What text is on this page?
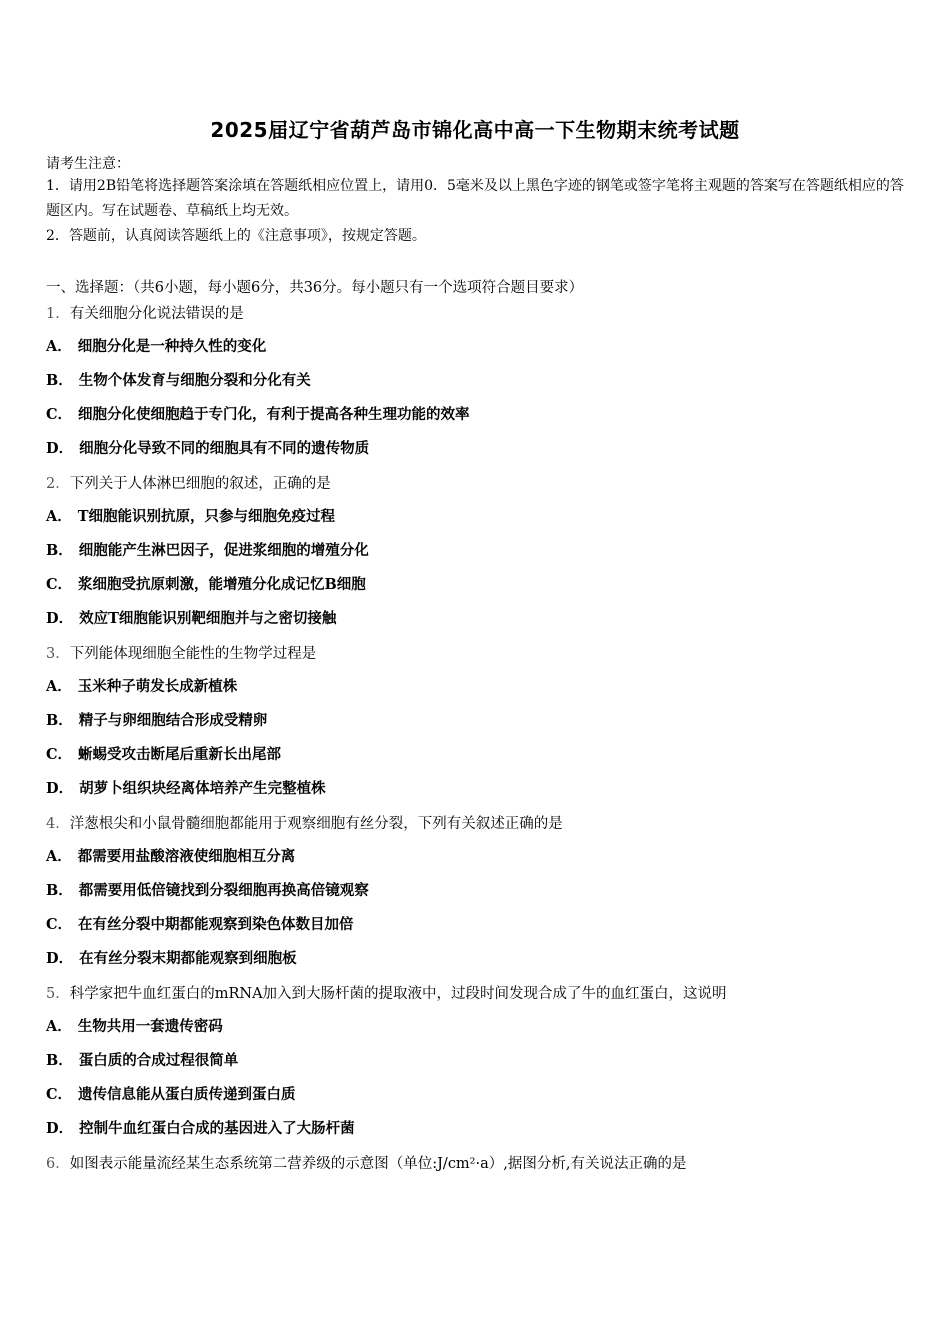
2025届辽宁省葫芦岛市锦化高中高一下生物期末统考试题
请考生注意：
1．请用2B铅笔将选择题答案涂填在答题纸相应位置上，请用0．5毫米及以上黑色字迹的钢笔或签字笔将主观题的答案写在答题纸相应的答题区内。写在试题卷、草稿纸上均无效。
2．答题前，认真阅读答题纸上的《注意事项》，按规定答题。
一、选择题：（共6小题，每小题6分，共36分。每小题只有一个选项符合题目要求）
1．有关细胞分化说法错误的是
A． 细胞分化是一种持久性的变化
B． 生物个体发育与细胞分裂和分化有关
C． 细胞分化使细胞趋于专门化，有利于提高各种生理功能的效率
D． 细胞分化导致不同的细胞具有不同的遗传物质
2．下列关于人体淋巴细胞的叙述，正确的是
A． T细胞能识别抗原，只参与细胞免疫过程
B． 细胞能产生淋巴因子，促进浆细胞的增殖分化
C． 浆细胞受抗原刺激，能增殖分化成记忆B细胞
D． 效应T细胞能识别靶细胞并与之密切接触
3．下列能体现细胞全能性的生物学过程是
A． 玉米种子萌发长成新植株
B． 精子与卵细胞结合形成受精卵
C． 蜥蜴受攻击断尾后重新长出尾部
D． 胡萝卜组织块经离体培养产生完整植株
4．洋葱根尖和小鼠骨髓细胞都能用于观察细胞有丝分裂，下列有关叙述正确的是
A． 都需要用盐酸溶液使细胞相互分离
B． 都需要用低倍镜找到分裂细胞再换高倍镜观察
C． 在有丝分裂中期都能观察到染色体数目加倍
D． 在有丝分裂末期都能观察到细胞板
5．科学家把牛血红蛋白的mRNA加入到大肠杆菌的提取液中，过段时间发现合成了牛的血红蛋白，这说明
A． 生物共用一套遗传密码
B． 蛋白质的合成过程很简单
C． 遗传信息能从蛋白质传递到蛋白质
D． 控制牛血红蛋白合成的基因进入了大肠杆菌
6．如图表示能量流经某生态系统第二营养级的示意图（单位:J/cm²·a）,据图分析,有关说法正确的是
